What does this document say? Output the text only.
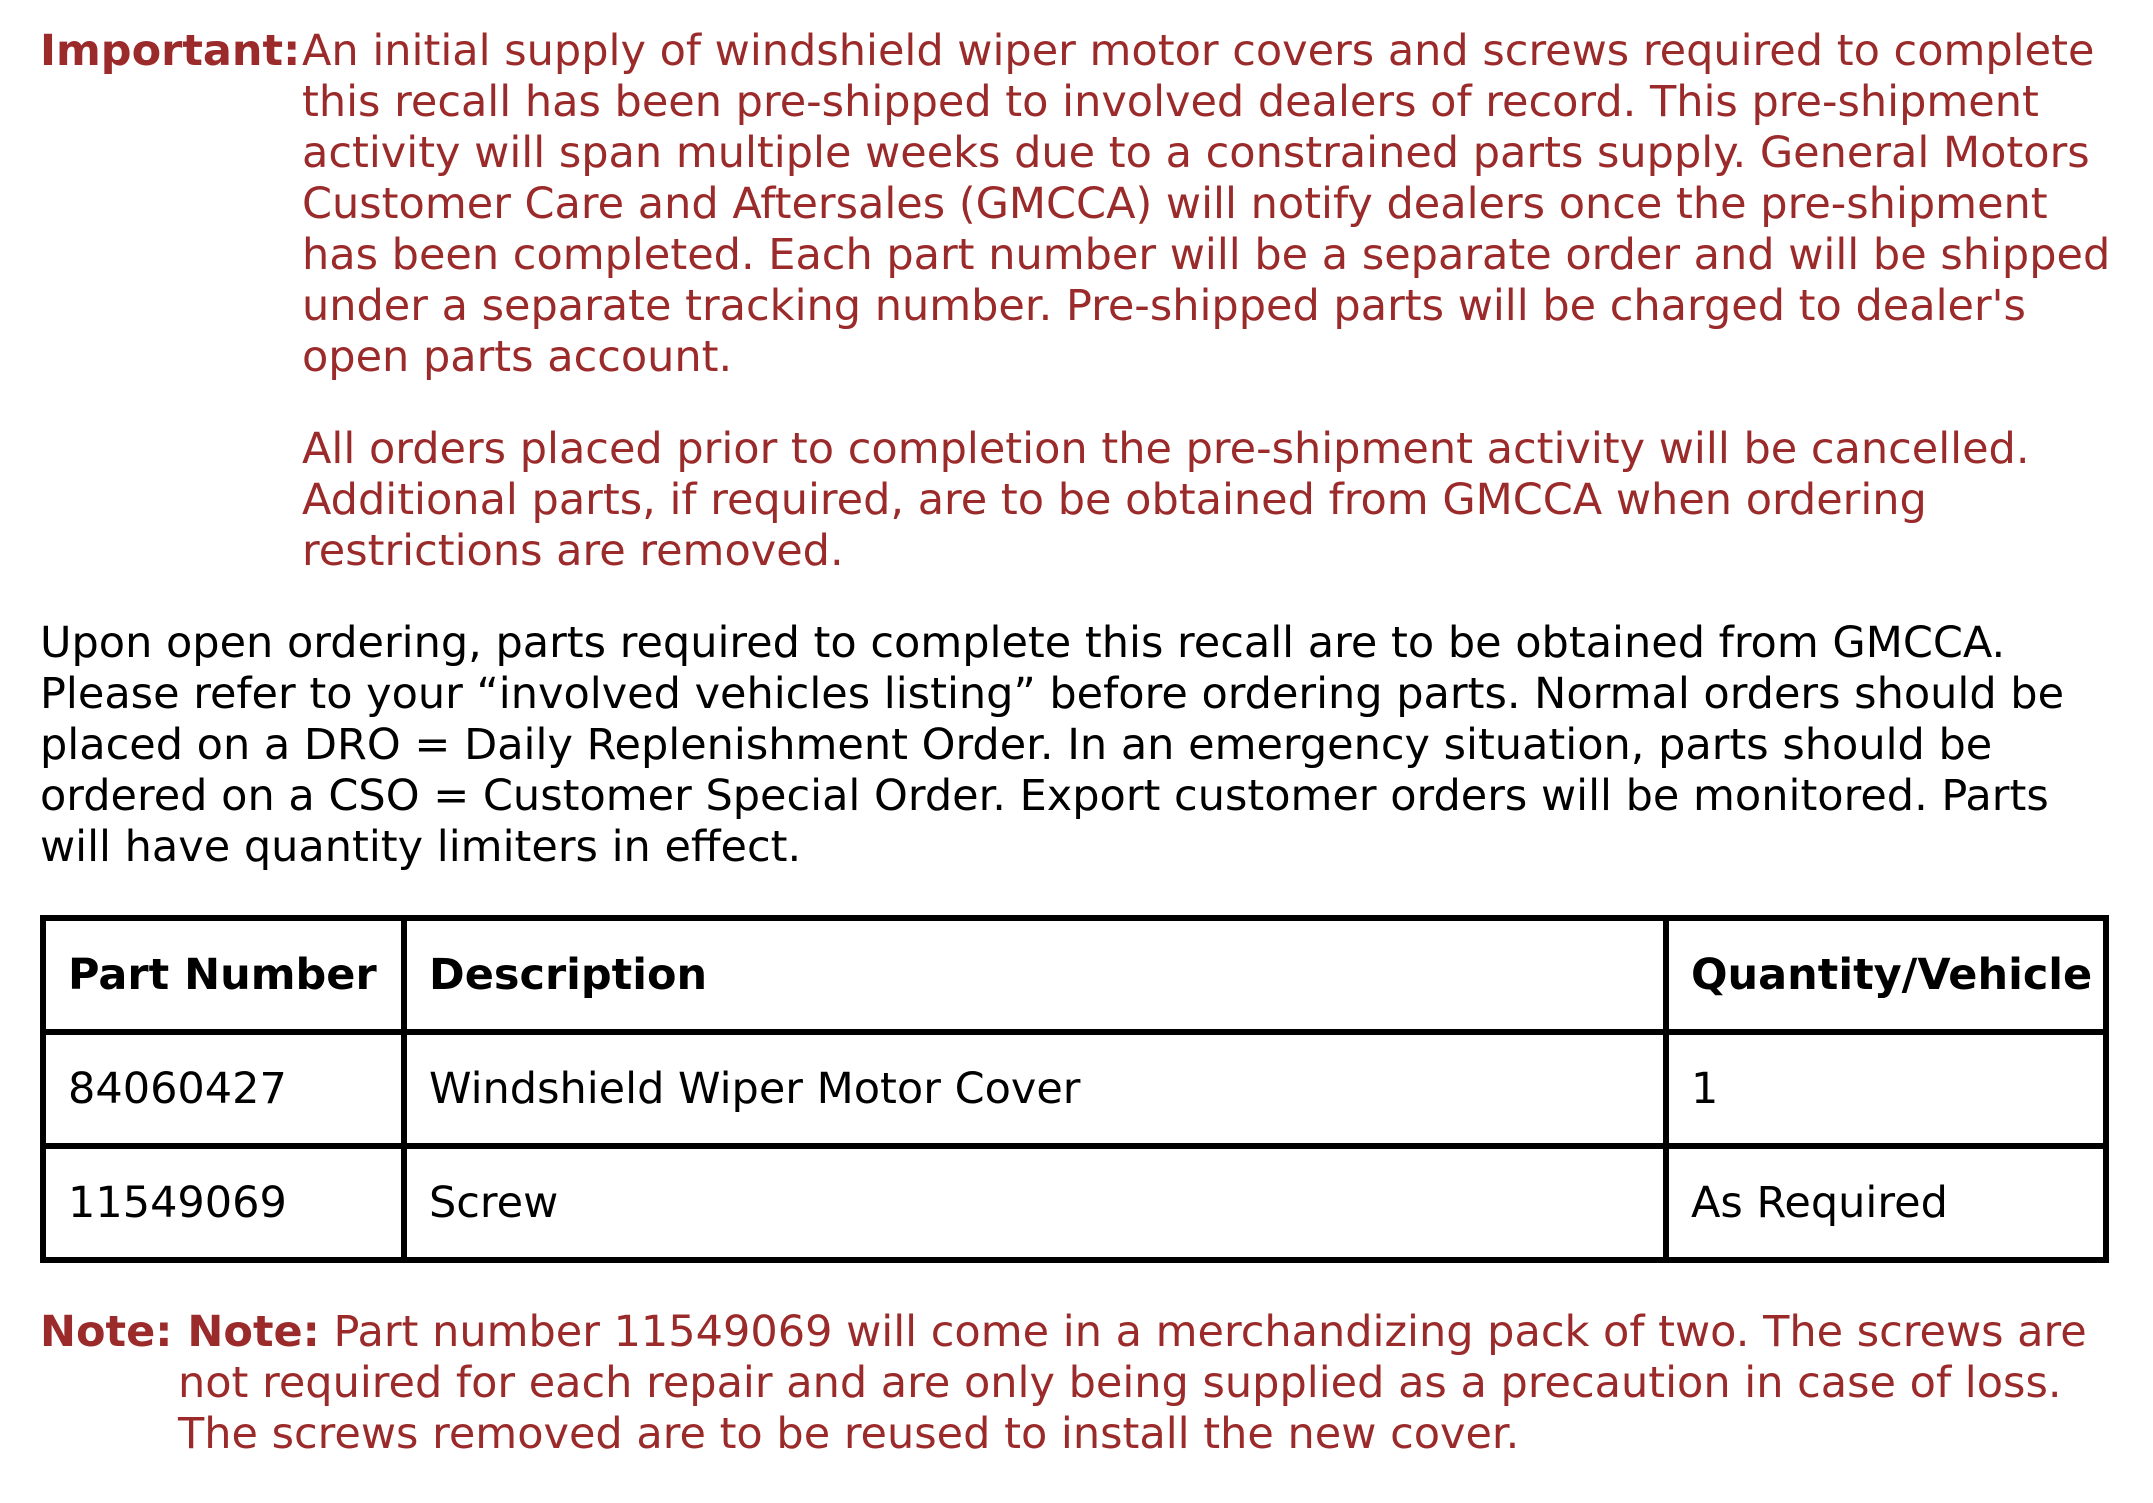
Important: An initial supply of windshield wiper motor covers and screws required to complete this recall has been pre-shipped to involved dealers of record. This pre-shipment activity will span multiple weeks due to a constrained parts supply. General Motors Customer Care and Aftersales (GMCCA) will notify dealers once the pre-shipment has been completed. Each part number will be a separate order and will be shipped under a separate tracking number. Pre-shipped parts will be charged to dealer's open parts account.

All orders placed prior to completion the pre-shipment activity will be cancelled. Additional parts, if required, are to be obtained from GMCCA when ordering restrictions are removed.

Upon open ordering, parts required to complete this recall are to be obtained from GMCCA. Please refer to your “involved vehicles listing” before ordering parts. Normal orders should be placed on a DRO = Daily Replenishment Order. In an emergency situation, parts should be ordered on a CSO = Customer Special Order. Export customer orders will be monitored. Parts will have quantity limiters in effect.

Part Number	Description	Quantity/Vehicle
84060427	Windshield Wiper Motor Cover	1
11549069	Screw	As Required

Note: Note: Part number 11549069 will come in a merchandizing pack of two. The screws are not required for each repair and are only being supplied as a precaution in case of loss. The screws removed are to be reused to install the new cover.
